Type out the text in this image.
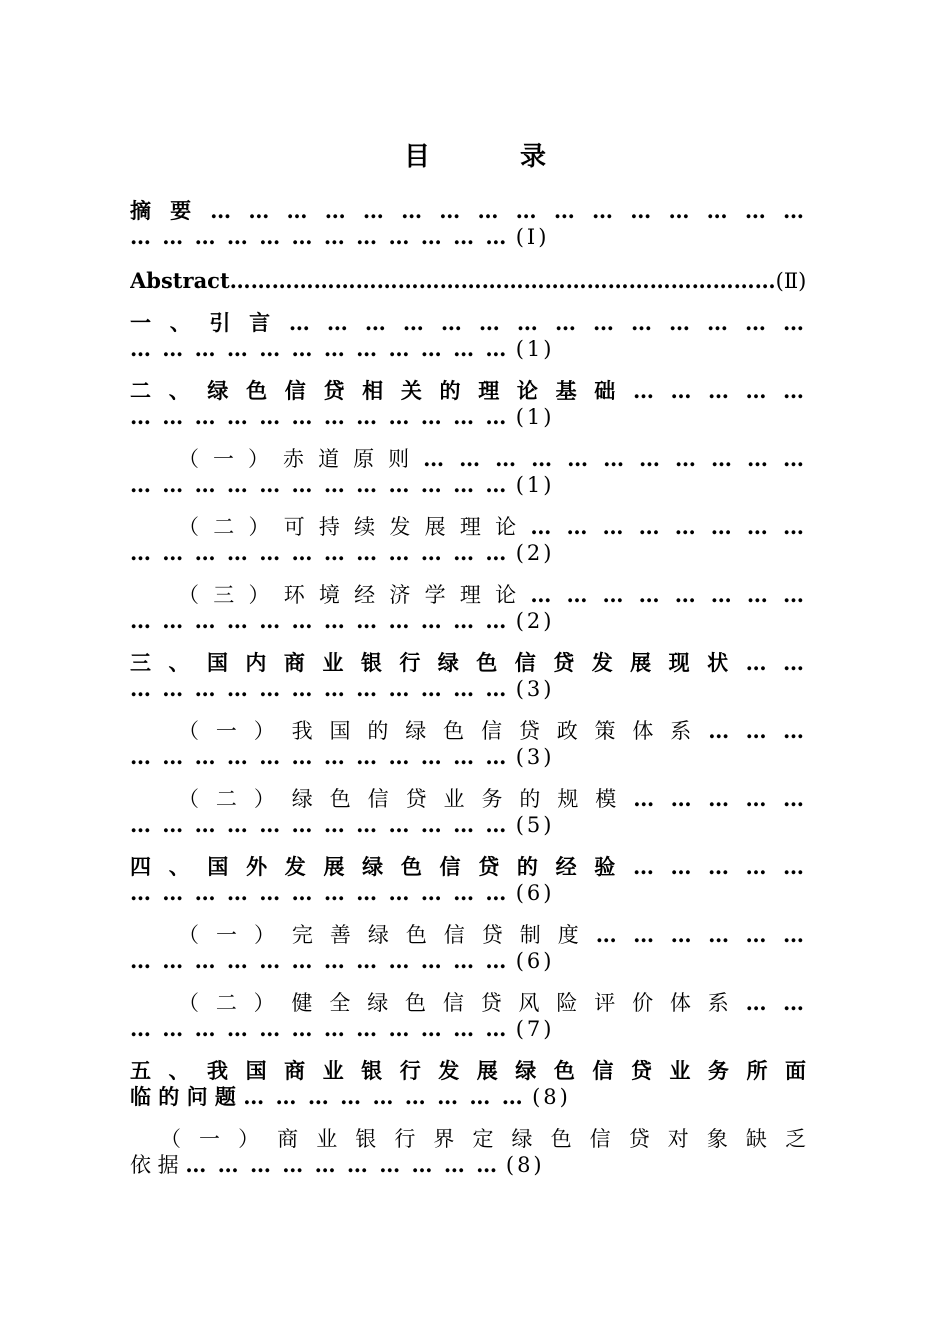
目	录
摘 要 … … … … … … … … … … … … … … … …
… … … … … … … … … … … … (Ⅰ)
Abstract……………………………………………………………………(Ⅱ)
一 、 引 言 … … … … … … … … … … … … … …
… … … … … … … … … … … … (1)
二 、 绿 色 信 贷 相 关 的 理 论 基 础 … … … … …
… … … … … … … … … … … … (1)
（ 一 ） 赤 道 原 则 … … … … … … … … … … …
… … … … … … … … … … … … (1)
（ 二 ） 可 持 续 发 展 理 论 … … … … … … … …
… … … … … … … … … … … … (2)
（ 三 ） 环 境 经 济 学 理 论 … … … … … … … …
… … … … … … … … … … … … (2)
三 、 国 内 商 业 银 行 绿 色 信 贷 发 展 现 状 … …
… … … … … … … … … … … … (3)
（ 一 ） 我 国 的 绿 色 信 贷 政 策 体 系 … … …
… … … … … … … … … … … … (3)
（ 二 ） 绿 色 信 贷 业 务 的 规 模 … … … … …
… … … … … … … … … … … … (5)
四 、 国 外 发 展 绿 色 信 贷 的 经 验 … … … … …
… … … … … … … … … … … … (6)
（ 一 ） 完 善 绿 色 信 贷 制 度 … … … … … …
… … … … … … … … … … … … (6)
（ 二 ） 健 全 绿 色 信 贷 风 险 评 价 体 系 … …
… … … … … … … … … … … … (7)
五 、 我 国 商 业 银 行 发 展 绿 色 信 贷 业 务 所 面
临 的 问 题 … … … … … … … … … (8)
（ 一 ） 商 业 银 行 界 定 绿 色 信 贷 对 象 缺 乏
依 据 … … … … … … … … … … (8)
